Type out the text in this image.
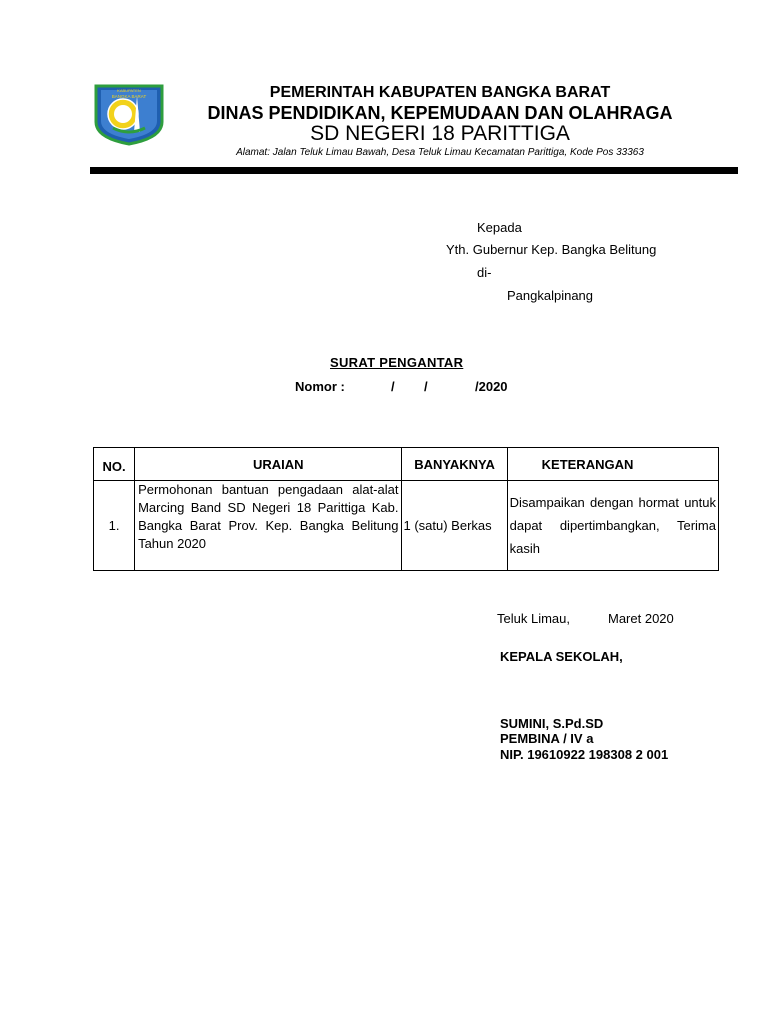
KABUPATEN
BANGKA BARAT	PEMERINTAH KABUPATEN BANGKA BARAT
DINAS PENDIDIKAN, KEPEMUDAAN DAN OLAHRAGA
SD NEGERI 18 PARITTIGA
Alamat: Jalan Teluk Limau Bawah, Desa Teluk Limau Kecamatan Parittiga, Kode Pos 33363
Kepada
Yth. Gubernur Kep. Bangka Belitung
di-
Pangkalpinang
SURAT PENGANTAR
Nomor :	/ /	/2020
NO.	URAIAN	BANYAKNYA	KETERANGAN
1.	Permohonan bantuan pengadaan alat-alat Marcing Band SD Negeri 18 Parittiga Kab. Bangka Barat Prov. Kep. Bangka Belitung Tahun 2020	1 (satu) Berkas	Disampaikan dengan hormat untuk dapat dipertimbangkan, Terima kasih
Teluk Limau,	Maret 2020
KEPALA SEKOLAH,
SUMINI, S.Pd.SD
PEMBINA / IV a
NIP. 19610922 198308 2 001
